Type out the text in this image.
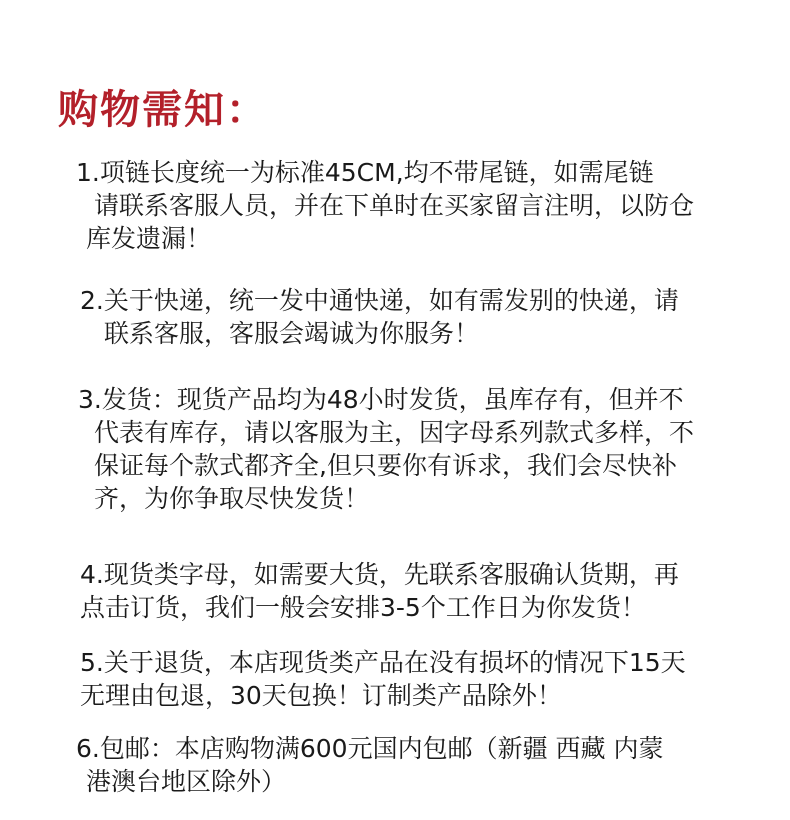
购物需知：
1.项链长度统一为标准45CM,均不带尾链，如需尾链
请联系客服人员，并在下单时在买家留言注明，以防仓
库发遗漏！
2.关于快递，统一发中通快递，如有需发别的快递，请
联系客服，客服会竭诚为你服务！
3.发货：现货产品均为48小时发货，虽库存有，但并不
代表有库存，请以客服为主，因字母系列款式多样，不
保证每个款式都齐全,但只要你有诉求，我们会尽快补
齐，为你争取尽快发货！
4.现货类字母，如需要大货，先联系客服确认货期，再
点击订货，我们一般会安排3-5个工作日为你发货！
5.关于退货，本店现货类产品在没有损坏的情况下15天
无理由包退，30天包换！订制类产品除外！
6.包邮：本店购物满600元国内包邮（新疆 西藏 内蒙
港澳台地区除外）
